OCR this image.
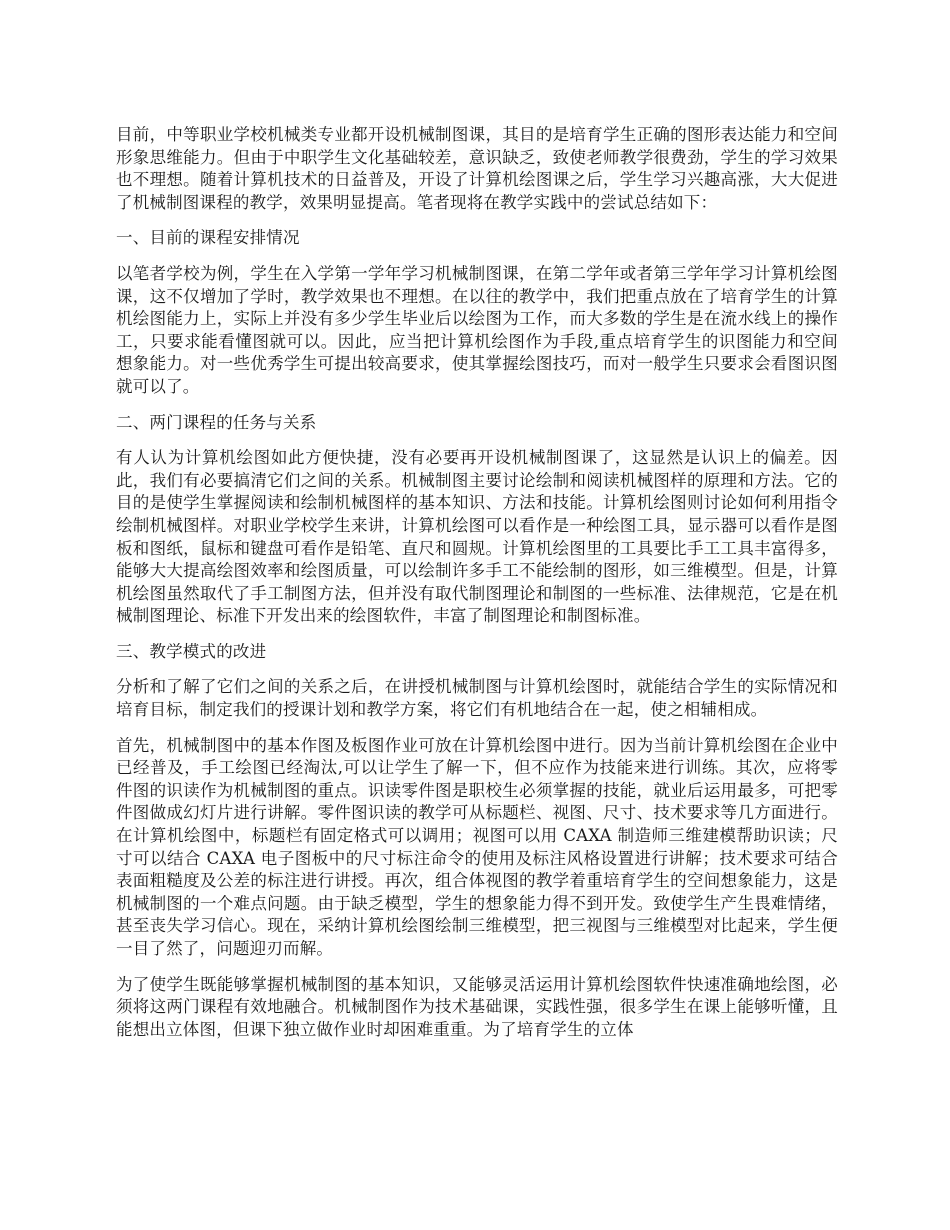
目前，中等职业学校机械类专业都开设机械制图课，其目的是培育学生正确的图形表达能力和空间形象思维能力。但由于中职学生文化基础较差，意识缺乏，致使老师教学很费劲，学生的学习效果也不理想。随着计算机技术的日益普及，开设了计算机绘图课之后，学生学习兴趣高涨，大大促进了机械制图课程的教学，效果明显提高。笔者现将在教学实践中的尝试总结如下：

一、目前的课程安排情况

以笔者学校为例，学生在入学第一学年学习机械制图课，在第二学年或者第三学年学习计算机绘图课，这不仅增加了学时，教学效果也不理想。在以往的教学中，我们把重点放在了培育学生的计算机绘图能力上，实际上并没有多少学生毕业后以绘图为工作，而大多数的学生是在流水线上的操作工，只要求能看懂图就可以。因此，应当把计算机绘图作为手段,重点培育学生的识图能力和空间想象能力。对一些优秀学生可提出较高要求，使其掌握绘图技巧，而对一般学生只要求会看图识图就可以了。

二、两门课程的任务与关系

有人认为计算机绘图如此方便快捷，没有必要再开设机械制图课了，这显然是认识上的偏差。因此，我们有必要搞清它们之间的关系。机械制图主要讨论绘制和阅读机械图样的原理和方法。它的目的是使学生掌握阅读和绘制机械图样的基本知识、方法和技能。计算机绘图则讨论如何利用指令绘制机械图样。对职业学校学生来讲，计算机绘图可以看作是一种绘图工具，显示器可以看作是图板和图纸，鼠标和键盘可看作是铅笔、直尺和圆规。计算机绘图里的工具要比手工工具丰富得多，能够大大提高绘图效率和绘图质量，可以绘制许多手工不能绘制的图形，如三维模型。但是，计算机绘图虽然取代了手工制图方法，但并没有取代制图理论和制图的一些标准、法律规范，它是在机械制图理论、标准下开发出来的绘图软件，丰富了制图理论和制图标准。

三、教学模式的改进

分析和了解了它们之间的关系之后，在讲授机械制图与计算机绘图时，就能结合学生的实际情况和培育目标，制定我们的授课计划和教学方案，将它们有机地结合在一起，使之相辅相成。

首先，机械制图中的基本作图及板图作业可放在计算机绘图中进行。因为当前计算机绘图在企业中已经普及，手工绘图已经淘汰,可以让学生了解一下，但不应作为技能来进行训练。其次，应将零件图的识读作为机械制图的重点。识读零件图是职校生必须掌握的技能，就业后运用最多，可把零件图做成幻灯片进行讲解。零件图识读的教学可从标题栏、视图、尺寸、技术要求等几方面进行。在计算机绘图中，标题栏有固定格式可以调用；视图可以用 CAXA 制造师三维建模帮助识读；尺寸可以结合 CAXA 电子图板中的尺寸标注命令的使用及标注风格设置进行讲解；技术要求可结合表面粗糙度及公差的标注进行讲授。再次，组合体视图的教学着重培育学生的空间想象能力，这是机械制图的一个难点问题。由于缺乏模型，学生的想象能力得不到开发。致使学生产生畏难情绪，甚至丧失学习信心。现在，采纳计算机绘图绘制三维模型，把三视图与三维模型对比起来，学生便一目了然了，问题迎刃而解。

为了使学生既能够掌握机械制图的基本知识，又能够灵活运用计算机绘图软件快速准确地绘图，必须将这两门课程有效地融合。机械制图作为技术基础课，实践性强，很多学生在课上能够听懂，且能想出立体图，但课下独立做作业时却困难重重。为了培育学生的立体
